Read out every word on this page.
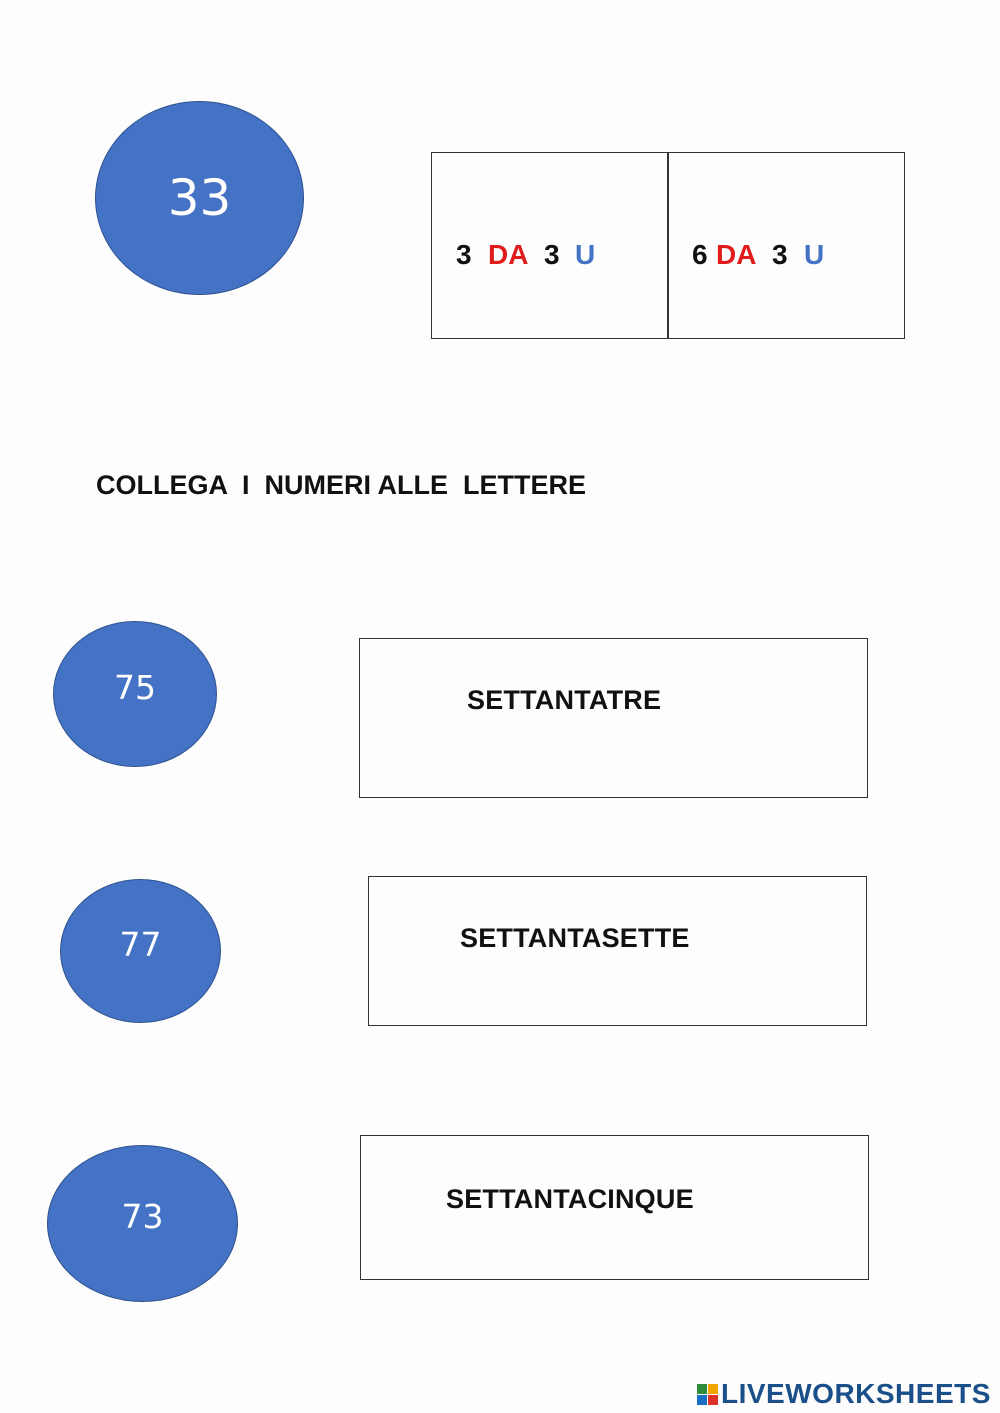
33
3 DA 3 U	6 DA 3 U
COLLEGA  I  NUMERI ALLE  LETTERE
75
77
73
SETTANTATRE
SETTANTASETTE
SETTANTACINQUE
LIVEWORKSHEETS
